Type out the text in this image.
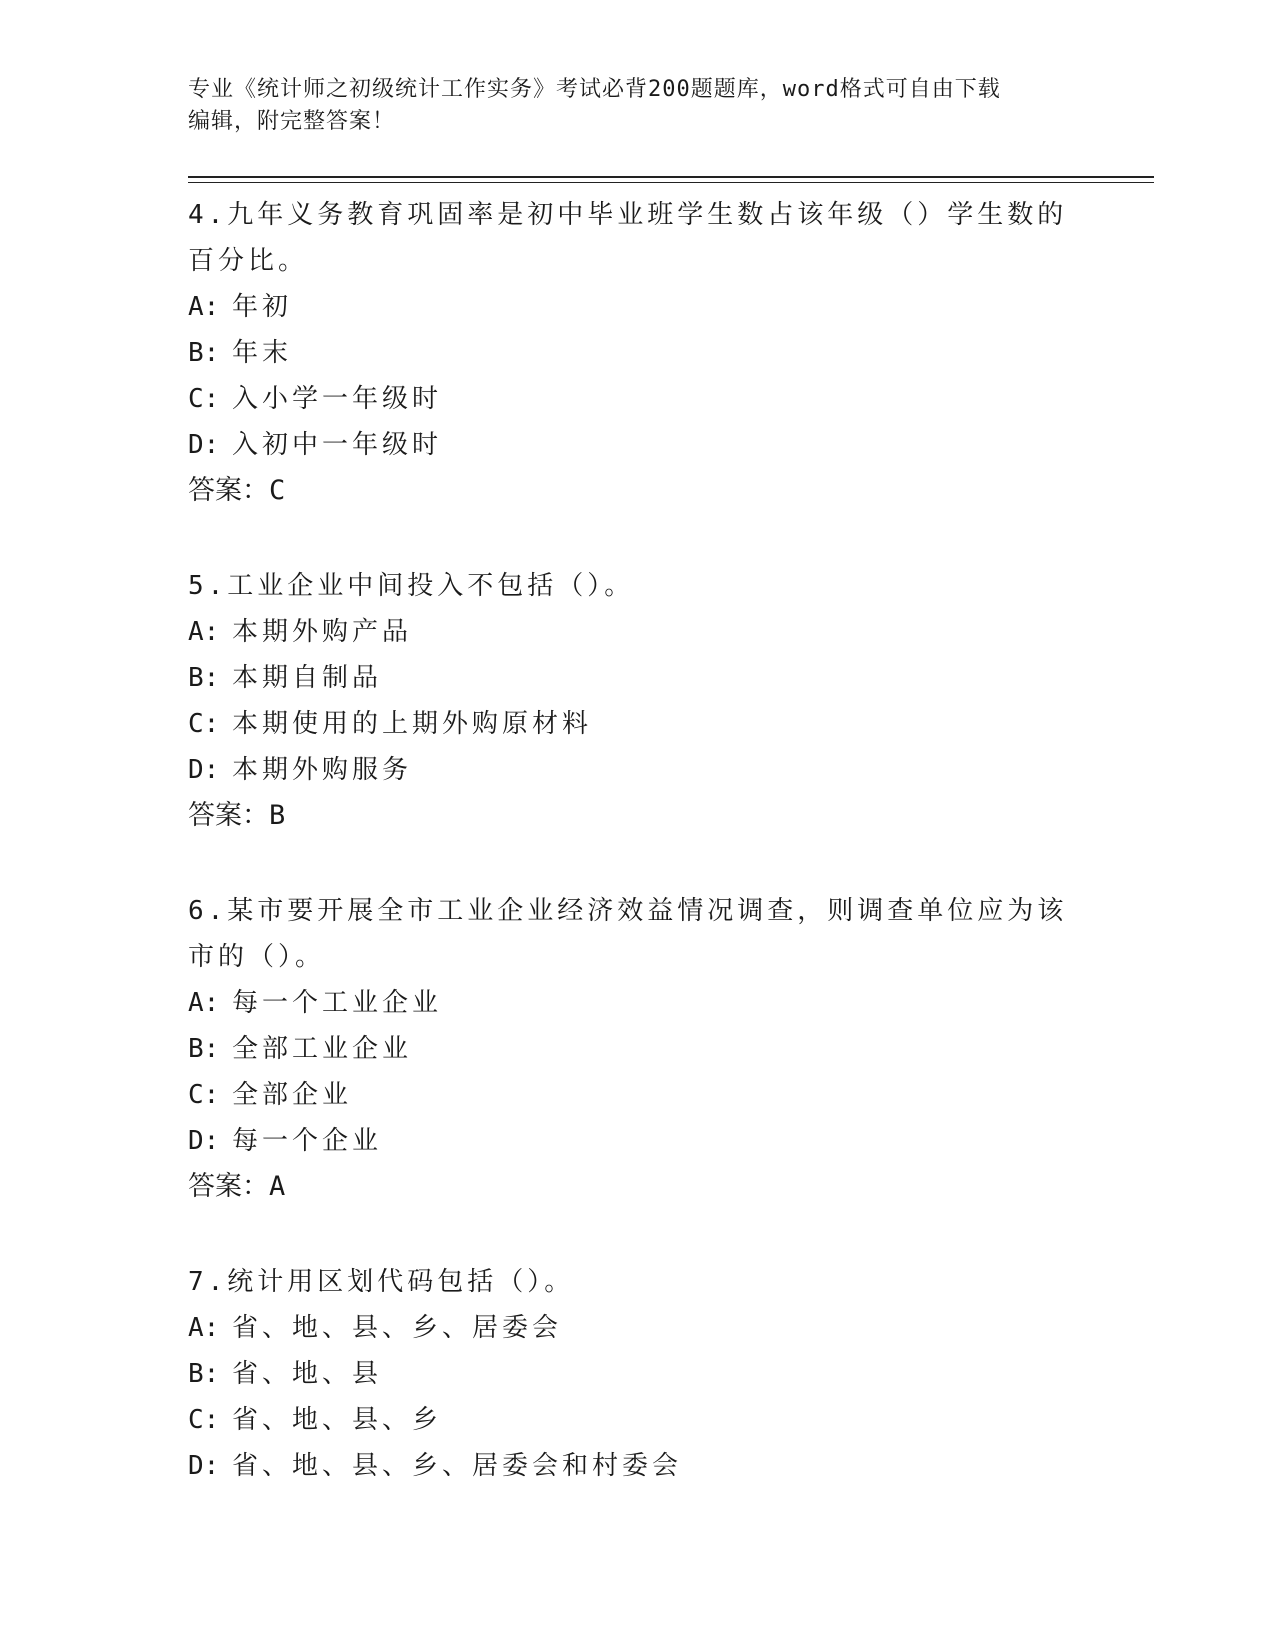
专业《统计师之初级统计工作实务》考试必背200题题库，word格式可自由下载
编辑，附完整答案！
4.九年义务教育巩固率是初中毕业班学生数占该年级（）学生数的百分比。
A: 年初
B: 年末
C: 入小学一年级时
D: 入初中一年级时
答案：C
5.工业企业中间投入不包括（）。
A: 本期外购产品
B: 本期自制品
C: 本期使用的上期外购原材料
D: 本期外购服务
答案：B
6.某市要开展全市工业企业经济效益情况调查，则调查单位应为该市的（）。
A: 每一个工业企业
B: 全部工业企业
C: 全部企业
D: 每一个企业
答案：A
7.统计用区划代码包括（）。
A: 省、地、县、乡、居委会
B: 省、地、县
C: 省、地、县、乡
D: 省、地、县、乡、居委会和村委会
